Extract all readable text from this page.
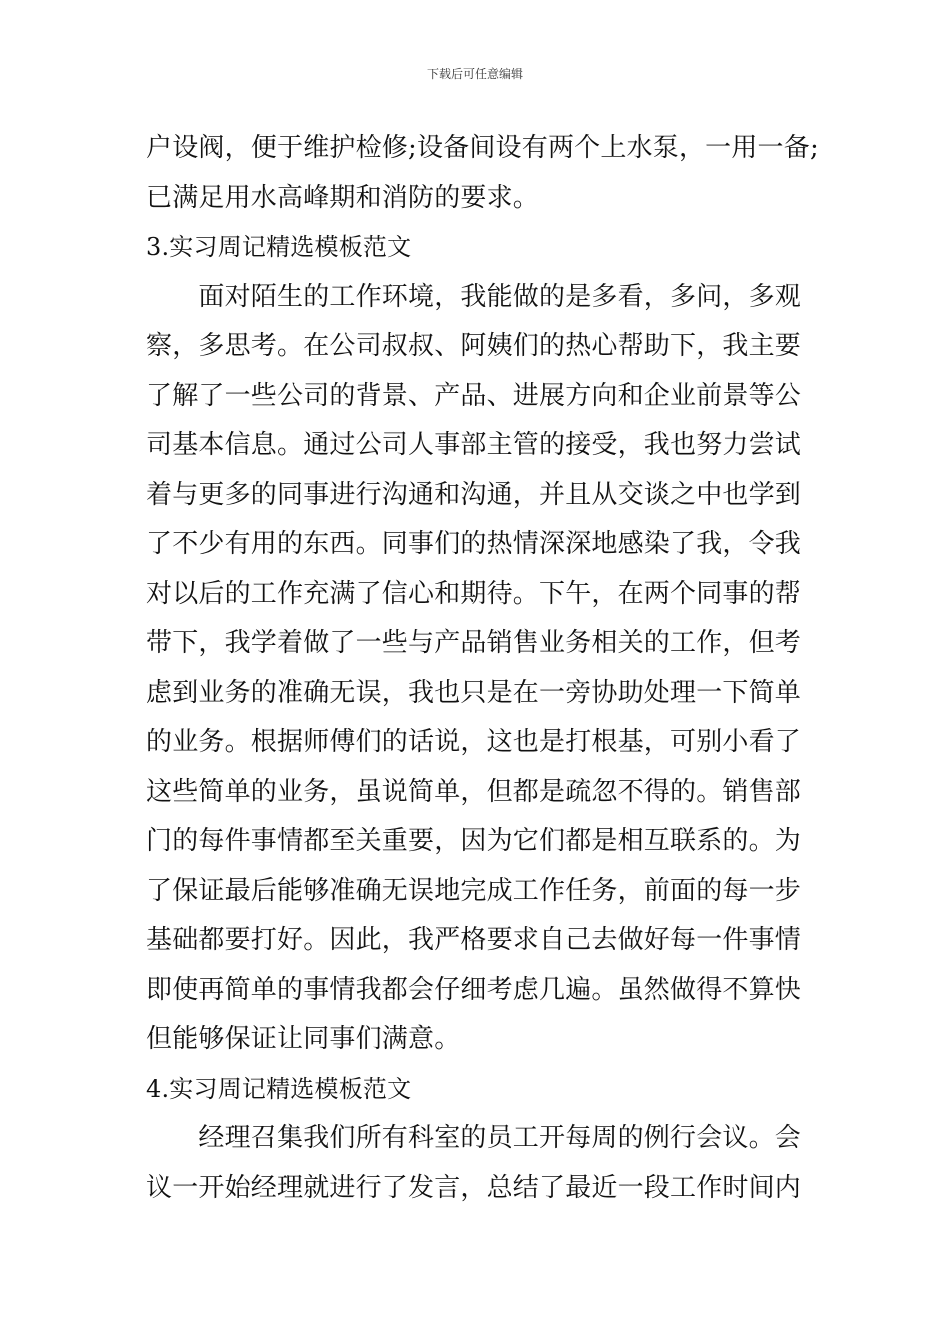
下载后可任意编辑
户设阀，便于维护检修;设备间设有两个上水泵，一用一备;
已满足用水高峰期和消防的要求。
3.实习周记精选模板范文
　　面对陌生的工作环境，我能做的是多看，多问，多观
察，多思考。在公司叔叔、阿姨们的热心帮助下，我主要
了解了一些公司的背景、产品、进展方向和企业前景等公
司基本信息。通过公司人事部主管的接受，我也努力尝试
着与更多的同事进行沟通和沟通，并且从交谈之中也学到
了不少有用的东西。同事们的热情深深地感染了我，令我
对以后的工作充满了信心和期待。下午，在两个同事的帮
带下，我学着做了一些与产品销售业务相关的工作，但考
虑到业务的准确无误，我也只是在一旁协助处理一下简单
的业务。根据师傅们的话说，这也是打根基，可别小看了
这些简单的业务，虽说简单，但都是疏忽不得的。销售部
门的每件事情都至关重要，因为它们都是相互联系的。为
了保证最后能够准确无误地完成工作任务，前面的每一步
基础都要打好。因此，我严格要求自己去做好每一件事情
即使再简单的事情我都会仔细考虑几遍。虽然做得不算快
但能够保证让同事们满意。
4.实习周记精选模板范文
　　经理召集我们所有科室的员工开每周的例行会议。会
议一开始经理就进行了发言，总结了最近一段工作时间内
